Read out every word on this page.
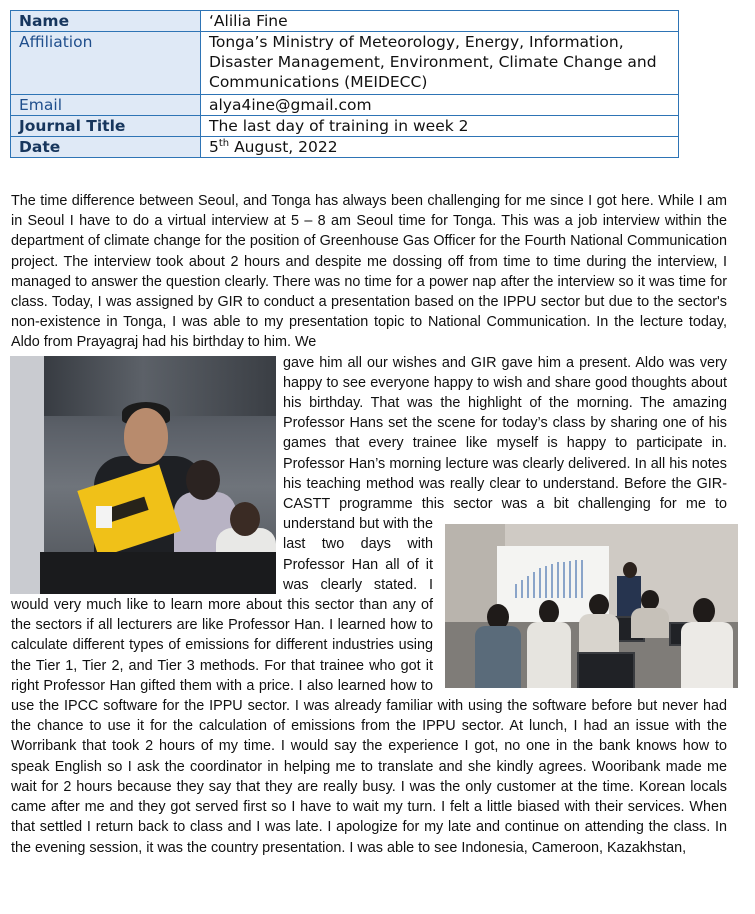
Name	‘Alilia Fine
Affiliation	Tonga’s Ministry of Meteorology, Energy, Information, Disaster Management, Environment, Climate Change and Communications (MEIDECC)
Email	alya4ine@gmail.com
Journal Title	The last day of training in week 2
Date	5th August, 2022

The time difference between Seoul, and Tonga has always been challenging for me since I got here. While I am in Seoul I have to do a virtual interview at 5 – 8 am Seoul time for Tonga. This was a job interview within the department of climate change for the position of Greenhouse Gas Officer for the Fourth National Communication project. The interview took about 2 hours and despite me dossing off from time to time during the interview, I managed to answer the question clearly. There was no time for a power nap after the interview so it was time for class. Today, I was assigned by GIR to conduct a presentation based on the IPPU sector but due to the sector's non-existence in Tonga, I was able to my presentation topic to National Communication. In the lecture today, Aldo from Prayagraj had his birthday to him. We

gave him all our wishes and GIR gave him a present. Aldo was very happy to see everyone happy to wish and share good thoughts about his birthday. That was the highlight of the morning. The amazing Professor Hans set the scene for today’s class by sharing one of his games that every trainee like myself is happy to participate in. Professor Han’s morning lecture was clearly delivered. In all his notes his teaching method was really clear to understand. Before the GIR-CASTT programme this sector was a bit challenging for me to understand but with the last two days with Professor Han all of it was clearly stated. I would very much like to learn more about this sector than any of the sectors if all lecturers are like Professor Han. I learned how to calculate different types of emissions for different industries using the Tier 1, Tier 2, and Tier 3 methods. For that trainee who got it right Professor Han gifted them with a price. I also learned how to use the IPCC software for the IPPU sector. I was already familiar with using the software before but never had the chance to use it for the calculation of emissions from the IPPU sector. At lunch, I had an issue with the Worribank that took 2 hours of my time. I would say the experience I got, no one in the bank knows how to speak English so I ask the coordinator in helping me to translate and she kindly agrees. Wooribank made me wait for 2 hours because they say that they are really busy. I was the only customer at the time. Korean locals came after me and they got served first so I have to wait my turn. I felt a little biased with their services. When that settled I return back to class and I was late. I apologize for my late and continue on attending the class. In the evening session, it was the country presentation. I was able to see Indonesia, Cameroon, Kazakhstan,
